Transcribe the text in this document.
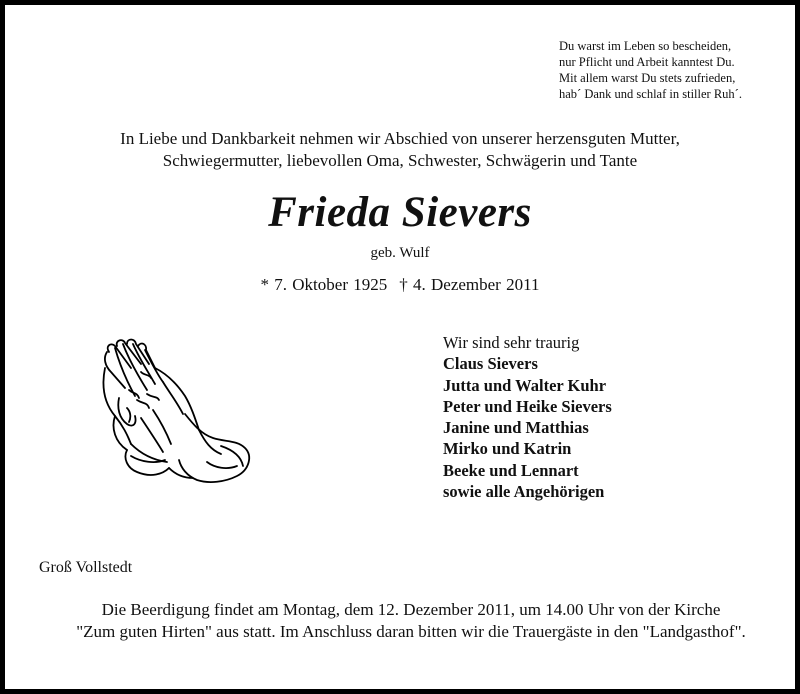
Du warst im Leben so bescheiden,
nur Pflicht und Arbeit kanntest Du.
Mit allem warst Du stets zufrieden,
hab´ Dank und schlaf in stiller Ruh´.
In Liebe und Dankbarkeit nehmen wir Abschied von unserer herzensguten Mutter,
Schwiegermutter, liebevollen Oma, Schwester, Schwägerin und Tante
Frieda Sievers
geb. Wulf
* 7. Oktober 1925 † 4. Dezember 2011
Wir sind sehr traurig
Claus Sievers
Jutta und Walter Kuhr
Peter und Heike Sievers
Janine und Matthias
Mirko und Katrin
Beeke und Lennart
sowie alle Angehörigen
Groß Vollstedt
Die Beerdigung findet am Montag, dem 12. Dezember 2011, um 14.00 Uhr von der Kirche
"Zum guten Hirten" aus statt. Im Anschluss daran bitten wir die Trauergäste in den "Landgasthof".
